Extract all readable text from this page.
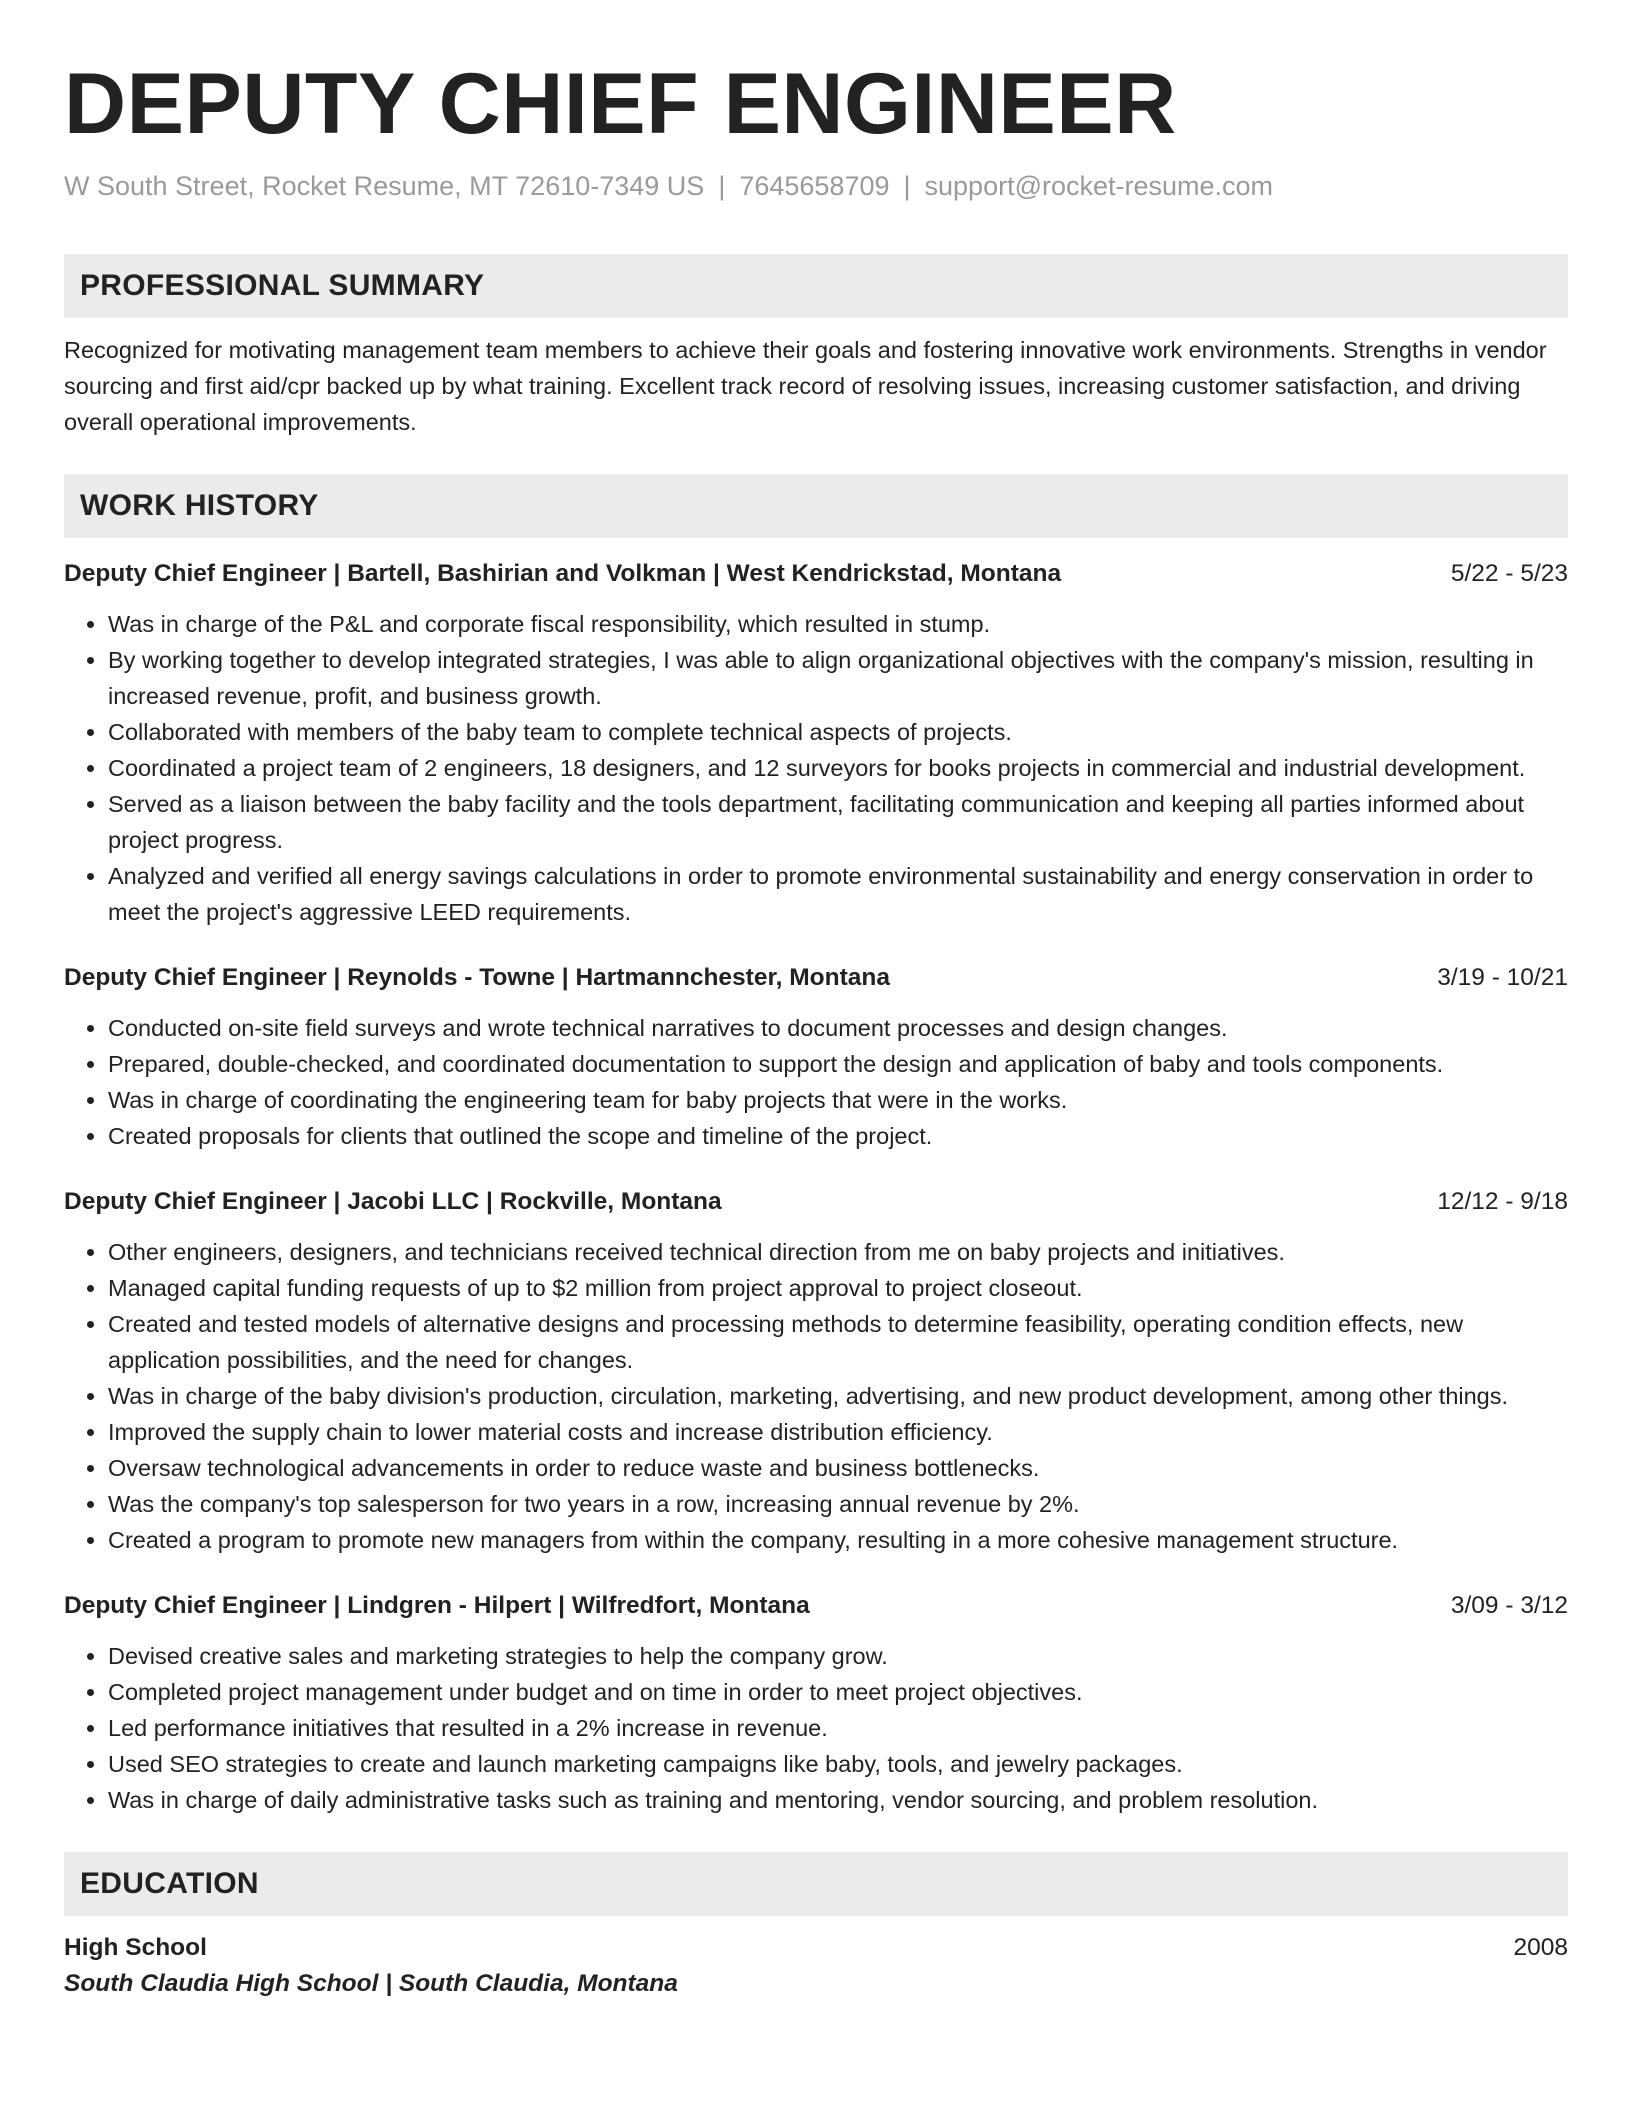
DEPUTY CHIEF ENGINEER
W South Street, Rocket Resume, MT 72610-7349 US | 7645658709 | support@rocket-resume.com
PROFESSIONAL SUMMARY
Recognized for motivating management team members to achieve their goals and fostering innovative work environments. Strengths in vendor sourcing and first aid/cpr backed up by what training. Excellent track record of resolving issues, increasing customer satisfaction, and driving overall operational improvements.
WORK HISTORY
Deputy Chief Engineer | Bartell, Bashirian and Volkman | West Kendrickstad, Montana	5/22 - 5/23
• Was in charge of the P&L and corporate fiscal responsibility, which resulted in stump.
• By working together to develop integrated strategies, I was able to align organizational objectives with the company's mission, resulting in increased revenue, profit, and business growth.
• Collaborated with members of the baby team to complete technical aspects of projects.
• Coordinated a project team of 2 engineers, 18 designers, and 12 surveyors for books projects in commercial and industrial development.
• Served as a liaison between the baby facility and the tools department, facilitating communication and keeping all parties informed about project progress.
• Analyzed and verified all energy savings calculations in order to promote environmental sustainability and energy conservation in order to meet the project's aggressive LEED requirements.
Deputy Chief Engineer | Reynolds - Towne | Hartmannchester, Montana	3/19 - 10/21
• Conducted on-site field surveys and wrote technical narratives to document processes and design changes.
• Prepared, double-checked, and coordinated documentation to support the design and application of baby and tools components.
• Was in charge of coordinating the engineering team for baby projects that were in the works.
• Created proposals for clients that outlined the scope and timeline of the project.
Deputy Chief Engineer | Jacobi LLC | Rockville, Montana	12/12 - 9/18
• Other engineers, designers, and technicians received technical direction from me on baby projects and initiatives.
• Managed capital funding requests of up to $2 million from project approval to project closeout.
• Created and tested models of alternative designs and processing methods to determine feasibility, operating condition effects, new application possibilities, and the need for changes.
• Was in charge of the baby division's production, circulation, marketing, advertising, and new product development, among other things.
• Improved the supply chain to lower material costs and increase distribution efficiency.
• Oversaw technological advancements in order to reduce waste and business bottlenecks.
• Was the company's top salesperson for two years in a row, increasing annual revenue by 2%.
• Created a program to promote new managers from within the company, resulting in a more cohesive management structure.
Deputy Chief Engineer | Lindgren - Hilpert | Wilfredfort, Montana	3/09 - 3/12
• Devised creative sales and marketing strategies to help the company grow.
• Completed project management under budget and on time in order to meet project objectives.
• Led performance initiatives that resulted in a 2% increase in revenue.
• Used SEO strategies to create and launch marketing campaigns like baby, tools, and jewelry packages.
• Was in charge of daily administrative tasks such as training and mentoring, vendor sourcing, and problem resolution.
EDUCATION
High School	2008
South Claudia High School | South Claudia, Montana
